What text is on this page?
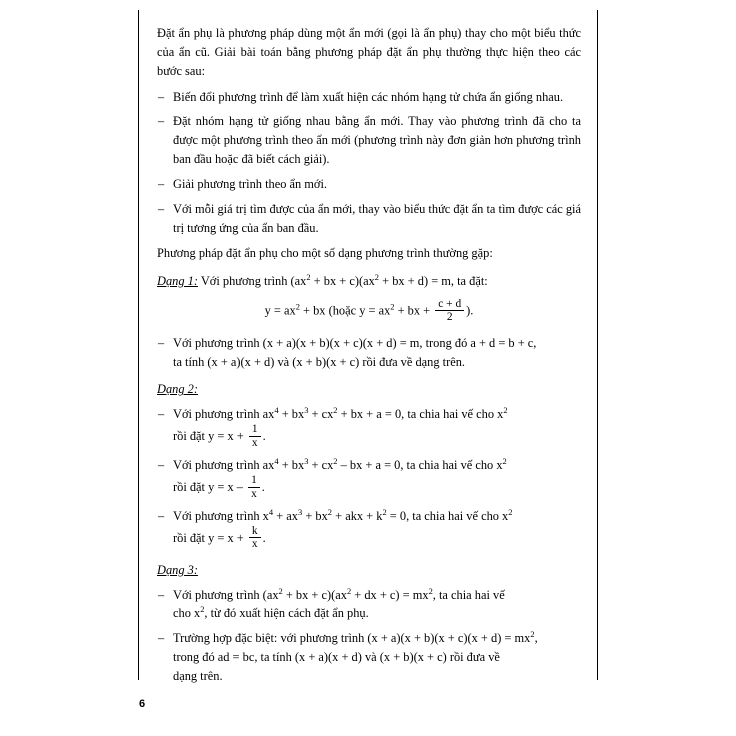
Đặt ẩn phụ là phương pháp dùng một ẩn mới (gọi là ẩn phụ) thay cho một biểu thức của ẩn cũ. Giải bài toán bằng phương pháp đặt ẩn phụ thường thực hiện theo các bước sau:

– Biến đổi phương trình để làm xuất hiện các nhóm hạng tử chứa ẩn giống nhau.
– Đặt nhóm hạng tử giống nhau bằng ẩn mới. Thay vào phương trình đã cho ta được một phương trình theo ẩn mới (phương trình này đơn giản hơn phương trình ban đầu hoặc đã biết cách giải).
– Giải phương trình theo ẩn mới.
– Với mỗi giá trị tìm được của ẩn mới, thay vào biểu thức đặt ẩn ta tìm được các giá trị tương ứng của ẩn ban đầu.

Phương pháp đặt ẩn phụ cho một số dạng phương trình thường gặp:

Dạng 1: Với phương trình ($ax^2$ + bx + $c)(ax^2$ + bx + d) = m, ta đặt:
$y = ax^2$ + bx (hoặc $y = ax^2$ + bx + $\frac{c + d}{2}$ ).
– Với phương trình (x + a)(x + b)(x + c)(x + d) = m, trong đó a + d = b + c,
ta tính (x + a)(x + d) và (x + b)(x + c) rồi đưa về dạng trên.
Dạng 2:
– Với phương trình $ax^4 + bx^3 + cx^2$ + bx + a = 0, ta chia hai vế cho $x^2$
rồi đặt $y = x + \frac{1}{x}$ .
– Với phương trình $ax^4 + bx^3 + cx^2$ – bx + a = 0, ta chia hai vế cho $x^2$
rồi đặt $y = x - \frac{1}{x}$ .
– Với phương trình $x^4 + ax^3 + bx^2$ + akx + $k^2 = 0$, ta chia hai vế cho $x^2$
rồi đặt $y = x + \frac{k}{x}$ .
Dạng 3:
– Với phương trình ($ax^2$ + bx + $c)(ax^2$ + dx + $c) = mx^2$, ta chia hai vế
cho $x^2$, từ đó xuất hiện cách đặt ẩn phụ.
– Trường hợp đặc biệt: với phương trình $(x + a)(x + b)(x + c)(x + d) = mx^2$,
trong đó ad = bc, ta tính (x + a)(x + d) và (x + b)(x + c) rồi đưa về
dạng trên.
6
